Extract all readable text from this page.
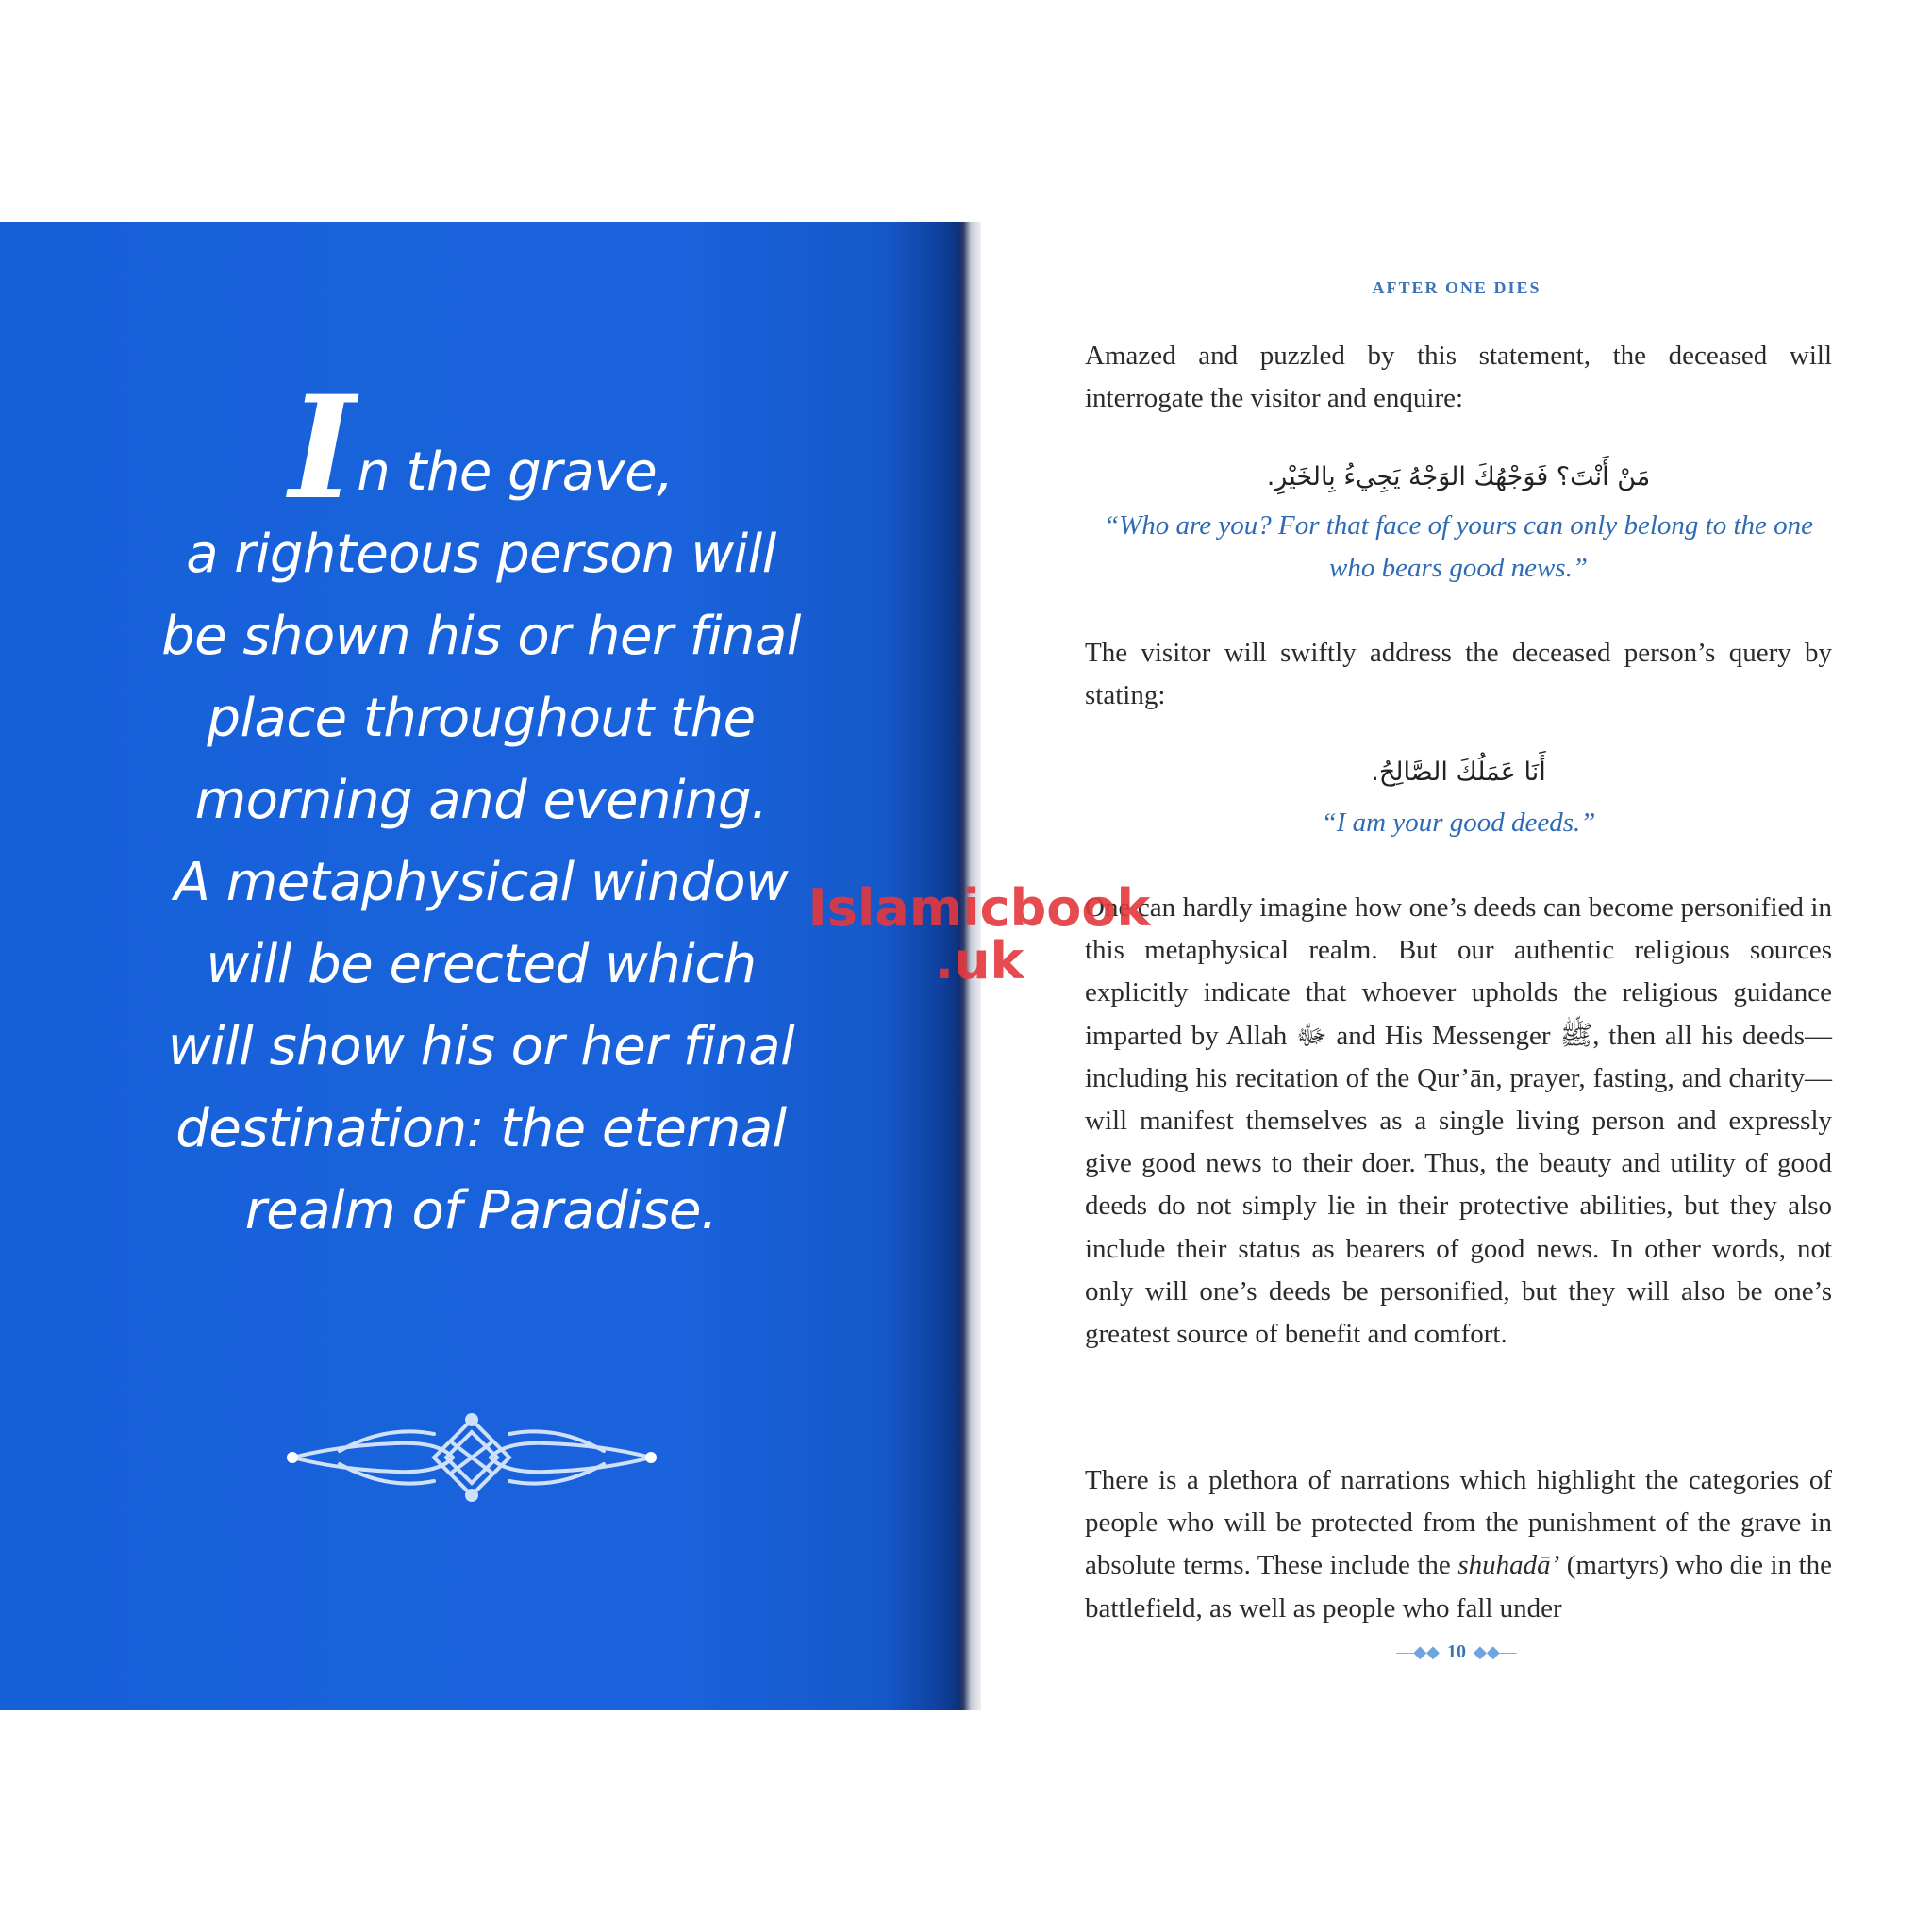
In the grave,
a righteous person will
be shown his or her final
place throughout the
morning and evening.
A metaphysical window
will be erected which
will show his or her final
destination: the eternal
realm of Paradise.
AFTER ONE DIES
Amazed and puzzled by this statement, the deceased will interrogate the visitor and enquire:
مَنْ أَنْتَ؟ فَوَجْهُكَ الوَجْهُ يَجِيءُ بِالخَيْرِ.
“Who are you? For that face of yours can only belong to the one who bears good news.”
The visitor will swiftly address the deceased person’s query by stating:
أَنَا عَمَلُكَ الصَّالِحُ.
“I am your good deeds.”
One can hardly imagine how one’s deeds can become personified in this metaphysical realm. But our authentic religious sources explicitly indicate that whoever upholds the religious guidance imparted by Allah ﷻ and His Messenger ﷺ, then all his deeds—including his recitation of the Qur’ān, prayer, fasting, and charity—will manifest themselves as a single living person and expressly give good news to their doer. Thus, the beauty and utility of good deeds do not simply lie in their protective abilities, but they also include their status as bearers of good news. In other words, not only will one’s deeds be personified, but they will also be one’s greatest source of benefit and comfort.
There is a plethora of narrations which highlight the categories of people who will be protected from the punishment of the grave in absolute terms. These include the shuhadā’ (martyrs) who die in the battlefield, as well as people who fall under
—◆◆ 10 ◆◆—
Islamicbook
.uk
